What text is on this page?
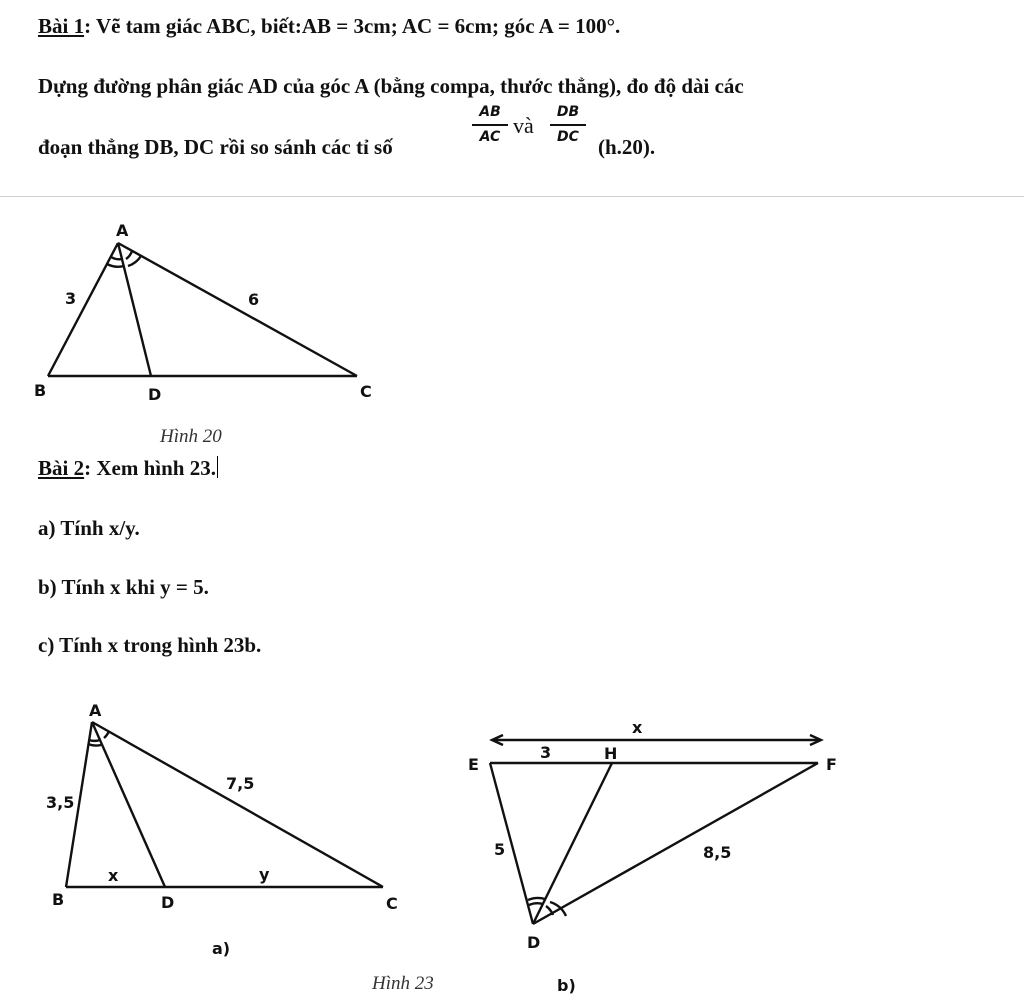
Bài 1: Vẽ tam giác ABC, biết:AB = 3cm; AC = 6cm; góc A = 100°.
Dựng đường phân giác AD của góc A (bằng compa, thước thẳng), đo độ dài các
đoạn thẳng DB, DC rồi so sánh các tỉ số
AB
AC và
DB
DC (h.20).
A
B	D	C
3	6
Hình 20
Bài 2: Xem hình 23.
a) Tính x/y.
b) Tính x khi y = 5.
c) Tính x trong hình 23b.
A
B	D	C
3,5
7,5
x	y
a)
x
E
3	H
F
5	8,5
D
b)
Hình 23
